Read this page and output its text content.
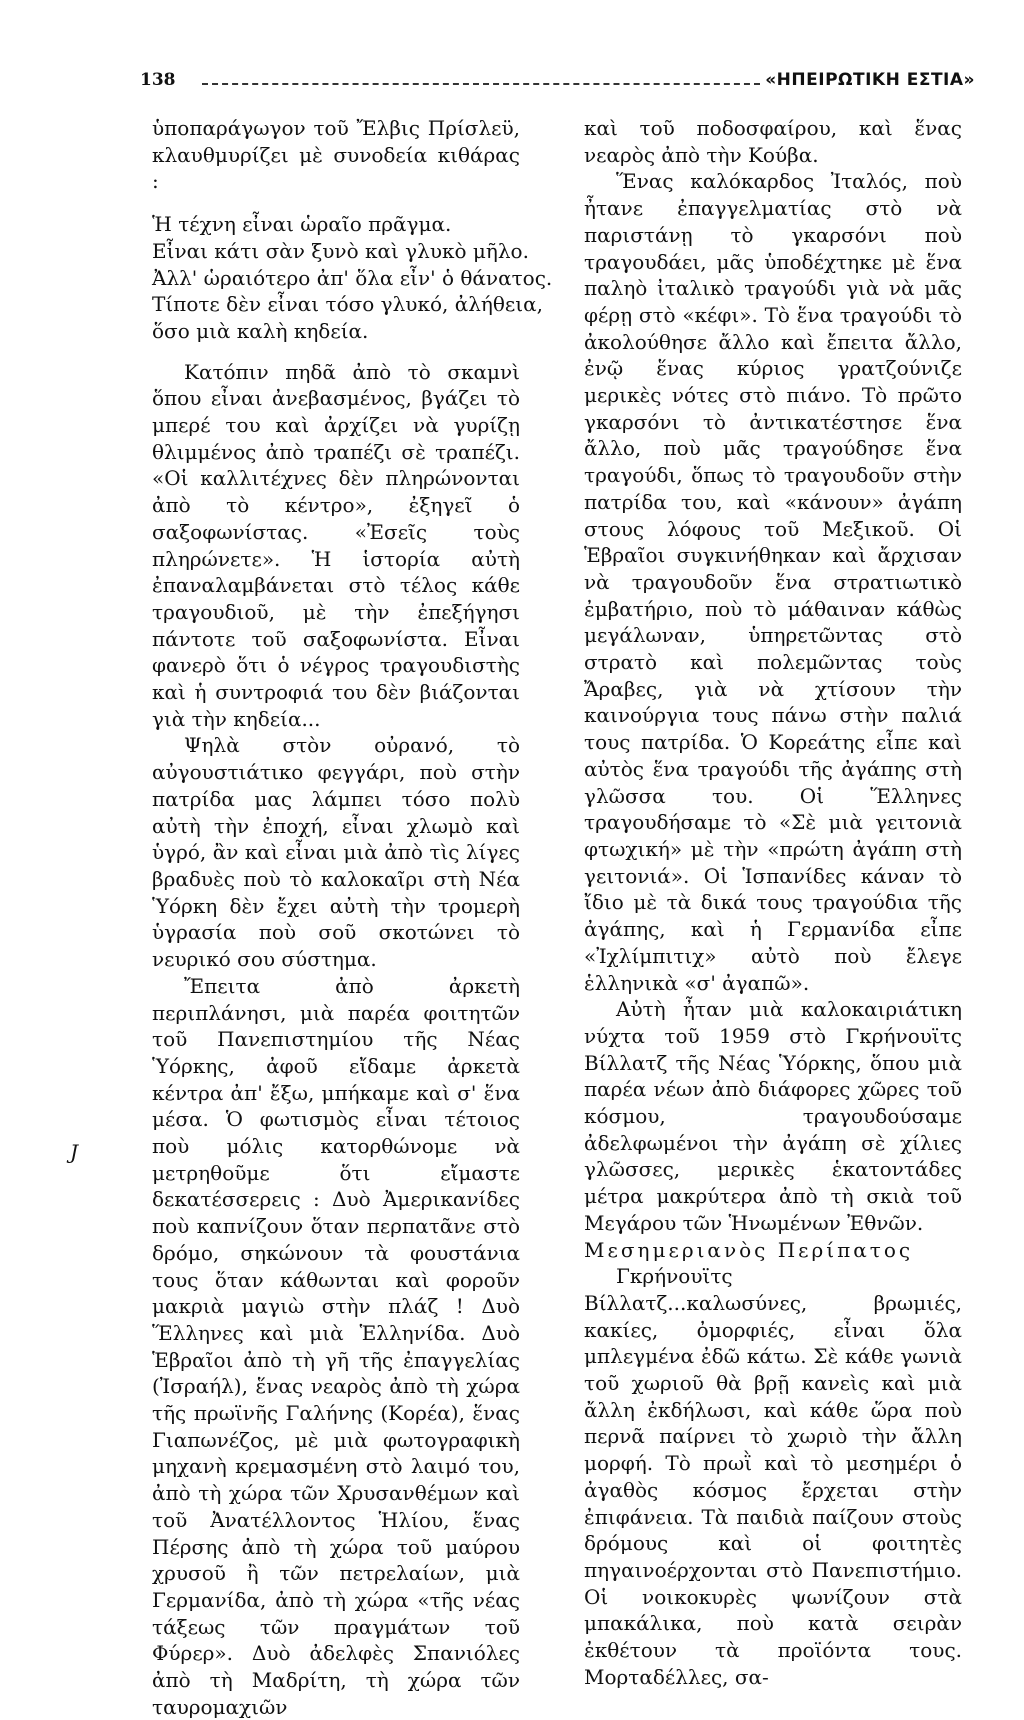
138	«ΗΠΕΙΡΩΤΙΚΗ ΕΣΤΙΑ»

ὑποπαράγωγον τοῦ Ἔλβις Πρίσλεϋ, κλαυθμυρίζει μὲ συνοδεία κιθάρας :

Ἡ τέχνη εἶναι ὡραῖο πρᾶγμα.
Εἶναι κάτι σὰν ξυνὸ καὶ γλυκὸ μῆλο.
Ἀλλ' ὡραιότερο ἀπ' ὅλα εἶν' ὁ θάνατος.
Τίποτε δὲν εἶναι τόσο γλυκό, ἀλήθεια,
ὅσο μιὰ καλὴ κηδεία.

Κατόπιν πηδᾶ ἀπὸ τὸ σκαμνὶ ὅπου εἶναι ἀνεβασμένος, βγάζει τὸ μπερέ του καὶ ἀρχίζει νὰ γυρίζῃ θλιμμένος ἀπὸ τραπέζι σὲ τραπέζι. «Οἱ καλλιτέχνες δὲν πληρώνονται ἀπὸ τὸ κέντρο», ἐξηγεῖ ὁ σαξοφωνίστας. «Ἐσεῖς τοὺς πληρώνετε». Ἡ ἱστορία αὐτὴ ἐπαναλαμβάνεται στὸ τέλος κάθε τραγουδιοῦ, μὲ τὴν ἐπεξήγησι πάντοτε τοῦ σαξοφωνίστα. Εἶναι φανερὸ ὅτι ὁ νέγρος τραγουδιστὴς καὶ ἡ συντροφιά του δὲν βιάζονται γιὰ τὴν κηδεία...

Ψηλὰ στὸν οὐρανό, τὸ αὐγουστιάτικο φεγγάρι, ποὺ στὴν πατρίδα μας λάμπει τόσο πολὺ αὐτὴ τὴν ἐποχή, εἶναι χλωμὸ καὶ ὑγρό, ἂν καὶ εἶναι μιὰ ἀπὸ τὶς λίγες βραδυὲς ποὺ τὸ καλοκαῖρι στὴ Νέα Ὑόρκη δὲν ἔχει αὐτὴ τὴν τρομερὴ ὑγρασία ποὺ σοῦ σκοτώνει τὸ νευρικό σου σύστημα.

Ἔπειτα ἀπὸ ἀρκετὴ περιπλάνησι, μιὰ παρέα φοιτητῶν τοῦ Πανεπιστημίου τῆς Νέας Ὑόρκης, ἀφοῦ εἴδαμε ἀρκετὰ κέντρα ἀπ' ἔξω, μπήκαμε καὶ σ' ἕνα μέσα. Ὁ φωτισμὸς εἶναι τέτοιος ποὺ μόλις κατορθώνομε νὰ μετρηθοῦμε ὅτι εἴμαστε δεκατέσσερεις : Δυὸ Ἀμερικανίδες ποὺ καπνίζουν ὅταν περπατᾶνε στὸ δρόμο, σηκώνουν τὰ φουστάνια τους ὅταν κάθωνται καὶ φοροῦν μακριὰ μαγιὼ στὴν πλάζ ! Δυὸ Ἕλληνες καὶ μιὰ Ἑλληνίδα. Δυὸ Ἑβραῖοι ἀπὸ τὴ γῆ τῆς ἐπαγγελίας (Ἰσραήλ), ἕνας νεαρὸς ἀπὸ τὴ χώρα τῆς πρωϊνῆς Γαλήνης (Κορέα), ἕνας Γιαπωνέζος, μὲ μιὰ φωτογραφικὴ μηχανὴ κρεμασμένη στὸ λαιμό του, ἀπὸ τὴ χώρα τῶν Χρυσανθέμων καὶ τοῦ Ἀνατέλλοντος Ἡλίου, ἕνας Πέρσης ἀπὸ τὴ χώρα τοῦ μαύρου χρυσοῦ ἢ τῶν πετρελαίων, μιὰ Γερμανίδα, ἀπὸ τὴ χώρα «τῆς νέας τάξεως τῶν πραγμάτων τοῦ Φύρερ». Δυὸ ἀδελφὲς Σπανιόλες ἀπὸ τὴ Μαδρίτη, τὴ χώρα τῶν ταυρομαχιῶν

καὶ τοῦ ποδοσφαίρου, καὶ ἕνας νεαρὸς ἀπὸ τὴν Κούβα.

Ἕνας καλόκαρδος Ἰταλός, ποὺ ἦτανε ἐπαγγελματίας στὸ νὰ παριστάνῃ τὸ γκαρσόνι ποὺ τραγουδάει, μᾶς ὑποδέχτηκε μὲ ἕνα παληὸ ἰταλικὸ τραγούδι γιὰ νὰ μᾶς φέρῃ στὸ «κέφι». Τὸ ἕνα τραγούδι τὸ ἀκολούθησε ἄλλο καὶ ἔπειτα ἄλλο, ἐνῷ ἕνας κύριος γρατζούνιζε μερικὲς νότες στὸ πιάνο. Τὸ πρῶτο γκαρσόνι τὸ ἀντικατέστησε ἕνα ἄλλο, ποὺ μᾶς τραγούδησε ἕνα τραγούδι, ὅπως τὸ τραγουδοῦν στὴν πατρίδα του, καὶ «κάνουν» ἀγάπη στους λόφους τοῦ Μεξικοῦ. Οἱ Ἑβραῖοι συγκινήθηκαν καὶ ἄρχισαν νὰ τραγουδοῦν ἕνα στρατιωτικὸ ἐμβατήριο, ποὺ τὸ μάθαιναν κάθὼς μεγάλωναν, ὑπηρετῶντας στὸ στρατὸ καὶ πολεμῶντας τοὺς Ἄραβες, γιὰ νὰ χτίσουν τὴν καινούργια τους πάνω στὴν παλιά τους πατρίδα. Ὁ Κορεάτης εἶπε καὶ αὐτὸς ἕνα τραγούδι τῆς ἀγάπης στὴ γλῶσσα του. Οἱ Ἕλληνες τραγουδήσαμε τὸ «Σὲ μιὰ γειτονιὰ φτωχική» μὲ τὴν «πρώτη ἀγάπη στὴ γειτονιά». Οἱ Ἱσπανίδες κάναν τὸ ἴδιο μὲ τὰ δικά τους τραγούδια τῆς ἀγάπης, καὶ ἡ Γερμανίδα εἶπε «Ἰχλίμπιτιχ» αὐτὸ ποὺ ἔλεγε ἑλληνικὰ «σ' ἀγαπῶ».

Αὐτὴ ἦταν μιὰ καλοκαιριάτικη νύχτα τοῦ 1959 στὸ Γκρήνουϊτς Βίλλατζ τῆς Νέας Ὑόρκης, ὅπου μιὰ παρέα νέων ἀπὸ διάφορες χῶρες τοῦ κόσμου, τραγουδούσαμε ἀδελφωμένοι τὴν ἀγάπη σὲ χίλιες γλῶσσες, μερικὲς ἑκατοντάδες μέτρα μακρύτερα ἀπὸ τὴ σκιὰ τοῦ Μεγάρου τῶν Ἡνωμένων Ἐθνῶν.

Μεσημεριανὸς Περίπατος

Γκρήνουϊτς Βίλλατζ...καλωσύνες, βρωμιές, κακίες, ὀμορφιές, εἶναι ὅλα μπλεγμένα ἐδῶ κάτω. Σὲ κάθε γωνιὰ τοῦ χωριοῦ θὰ βρῇ κανεὶς καὶ μιὰ ἄλλη ἐκδήλωσι, καὶ κάθε ὥρα ποὺ περνᾶ παίρνει τὸ χωριὸ τὴν ἄλλη μορφή. Τὸ πρωῒ καὶ τὸ μεσημέρι ὁ ἀγαθὸς κόσμος ἔρχεται στὴν ἐπιφάνεια. Τὰ παιδιὰ παίζουν στοὺς δρόμους καὶ οἱ φοιτητὲς πηγαινοέρχονται στὸ Πανεπιστήμιο. Οἱ νοικοκυρὲς ψωνίζουν στὰ μπακάλικα, ποὺ κατὰ σειρὰν ἐκθέτουν τὰ προϊόντα τους. Μορταδέλλες, σα-

J
